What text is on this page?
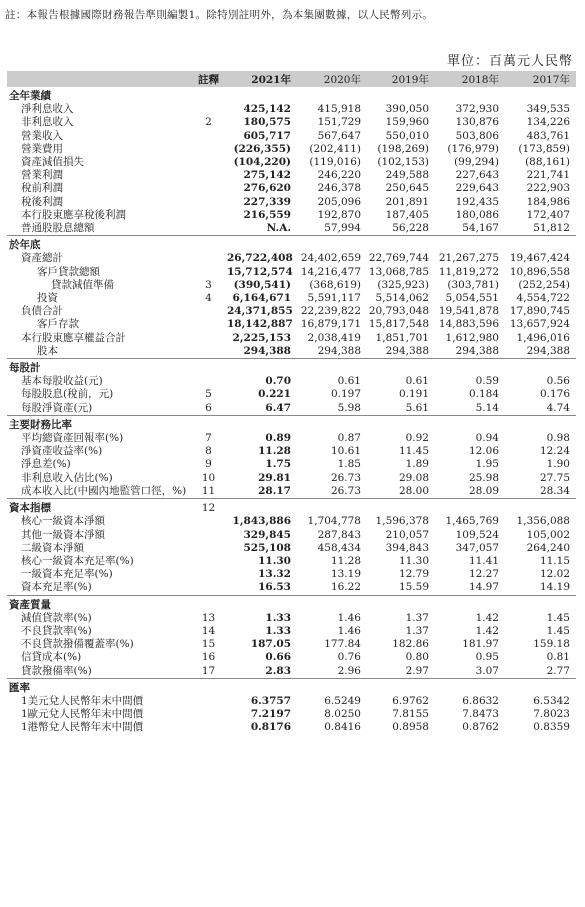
註：本報告根據國際財務報告準則編製1。除特別註明外，為本集團數據，以人民幣列示。
單位：百萬元人民幣
	註釋	2021年	2020年	2019年	2018年	2017年
全年業績						
淨利息收入		425,142	415,918	390,050	372,930	349,535
非利息收入	2	180,575	151,729	159,960	130,876	134,226
營業收入		605,717	567,647	550,010	503,806	483,761
營業費用		(226,355)	(202,411)	(198,269)	(176,979)	(173,859)
資產減值損失		(104,220)	(119,016)	(102,153)	(99,294)	(88,161)
營業利潤		275,142	246,220	249,588	227,643	221,741
稅前利潤		276,620	246,378	250,645	229,643	222,903
稅後利潤		227,339	205,096	201,891	192,435	184,986
本行股東應享稅後利潤		216,559	192,870	187,405	180,086	172,407
普通股股息總額		N.A.	57,994	56,228	54,167	51,812
於年底						
資產總計		26,722,408	24,402,659	22,769,744	21,267,275	19,467,424
客戶貸款總額		15,712,574	14,216,477	13,068,785	11,819,272	10,896,558
貸款減值準備	3	(390,541)	(368,619)	(325,923)	(303,781)	(252,254)
投資	4	6,164,671	5,591,117	5,514,062	5,054,551	4,554,722
負債合計		24,371,855	22,239,822	20,793,048	19,541,878	17,890,745
客戶存款		18,142,887	16,879,171	15,817,548	14,883,596	13,657,924
本行股東應享權益合計		2,225,153	2,038,419	1,851,701	1,612,980	1,496,016
股本		294,388	294,388	294,388	294,388	294,388
每股計						
基本每股收益(元)		0.70	0.61	0.61	0.59	0.56
每股股息(稅前，元)	5	0.221	0.197	0.191	0.184	0.176
每股淨資產(元)	6	6.47	5.98	5.61	5.14	4.74
主要財務比率						
平均總資產回報率(%)	7	0.89	0.87	0.92	0.94	0.98
淨資產收益率(%)	8	11.28	10.61	11.45	12.06	12.24
淨息差(%)	9	1.75	1.85	1.89	1.95	1.90
非利息收入佔比(%)	10	29.81	26.73	29.08	25.98	27.75
成本收入比(中國內地監管口徑，%)	11	28.17	26.73	28.00	28.09	28.34
資本指標	12					
核心一級資本淨額		1,843,886	1,704,778	1,596,378	1,465,769	1,356,088
其他一級資本淨額		329,845	287,843	210,057	109,524	105,002
二級資本淨額		525,108	458,434	394,843	347,057	264,240
核心一級資本充足率(%)		11.30	11.28	11.30	11.41	11.15
一級資本充足率(%)		13.32	13.19	12.79	12.27	12.02
資本充足率(%)		16.53	16.22	15.59	14.97	14.19
資產質量						
減值貸款率(%)	13	1.33	1.46	1.37	1.42	1.45
不良貸款率(%)	14	1.33	1.46	1.37	1.42	1.45
不良貸款撥備覆蓋率(%)	15	187.05	177.84	182.86	181.97	159.18
信貸成本(%)	16	0.66	0.76	0.80	0.95	0.81
貸款撥備率(%)	17	2.83	2.96	2.97	3.07	2.77
匯率						
1美元兌人民幣年末中間價		6.3757	6.5249	6.9762	6.8632	6.5342
1歐元兌人民幣年末中間價		7.2197	8.0250	7.8155	7.8473	7.8023
1港幣兌人民幣年末中間價		0.8176	0.8416	0.8958	0.8762	0.8359
